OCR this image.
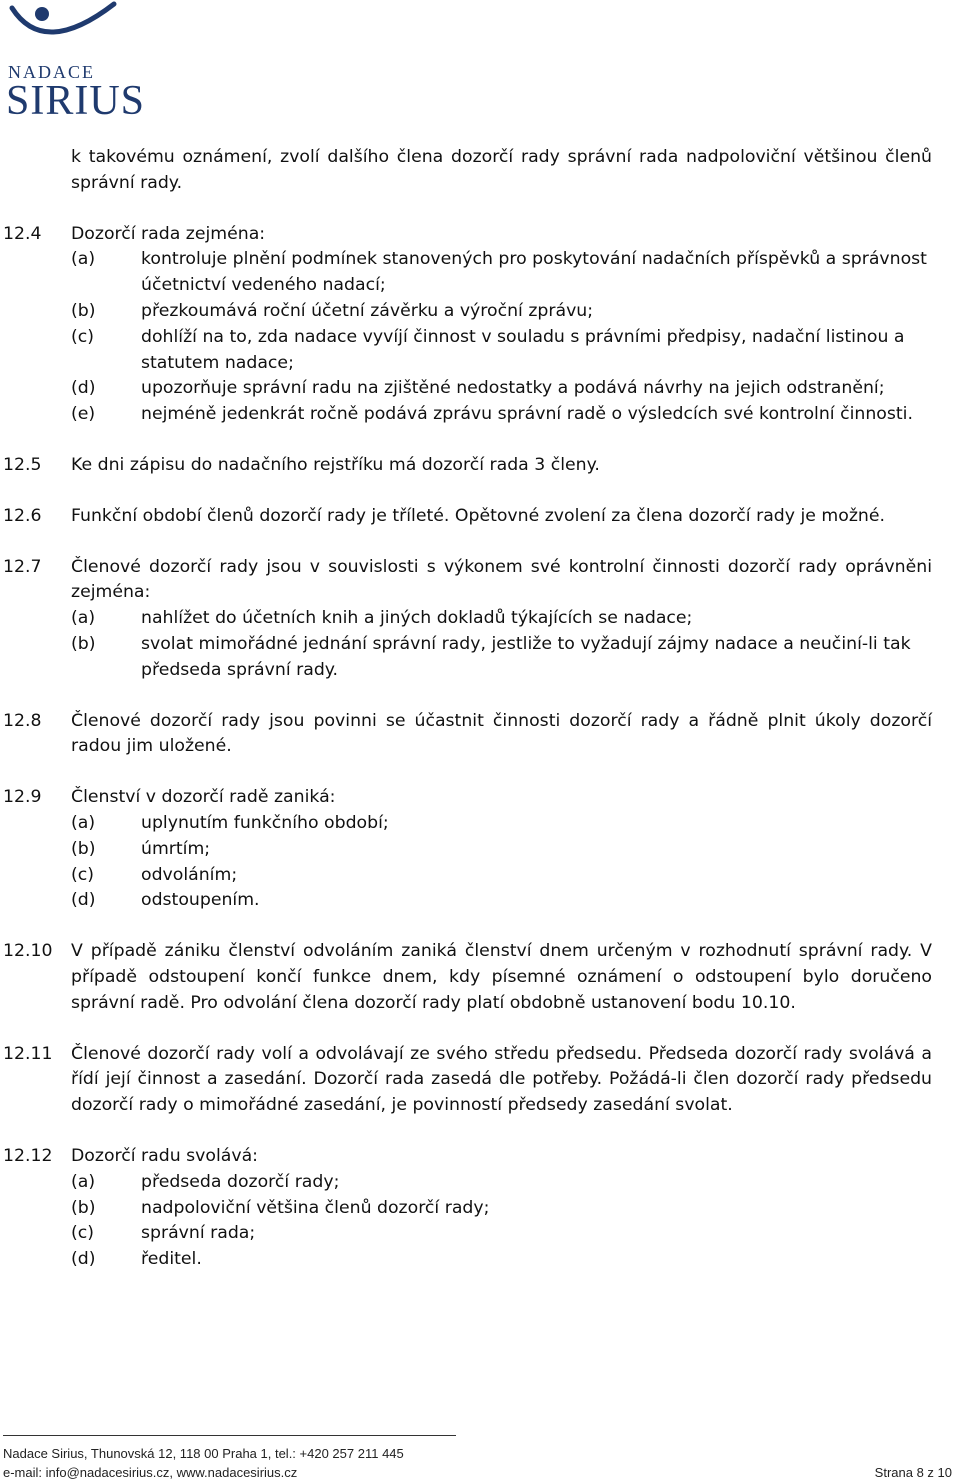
NADACE
SIRIUS
k takovému oznámení, zvolí dalšího člena dozorčí rady správní rada nadpoloviční většinou členů správní rady.
12.4 Dozorčí rada zejména:
(a)	kontroluje plnění podmínek stanovených pro poskytování nadačních příspěvků a správnost účetnictví vedeného nadací;
(b)	přezkoumává roční účetní závěrku a výroční zprávu;
(c)	dohlíží na to, zda nadace vyvíjí činnost v souladu s právními předpisy, nadační listinou a statutem nadace;
(d)	upozorňuje správní radu na zjištěné nedostatky a podává návrhy na jejich odstranění;
(e)	nejméně jedenkrát ročně podává zprávu správní radě o výsledcích své kontrolní činnosti.
12.5 Ke dni zápisu do nadačního rejstříku má dozorčí rada 3 členy.
12.6 Funkční období členů dozorčí rady je tříleté. Opětovné zvolení za člena dozorčí rady je možné.
12.7 Členové dozorčí rady jsou v souvislosti s výkonem své kontrolní činnosti dozorčí rady oprávněni zejména:
(a)	nahlížet do účetních knih a jiných dokladů týkajících se nadace;
(b)	svolat mimořádné jednání správní rady, jestliže to vyžadují zájmy nadace a neučiní-li tak předseda správní rady.
12.8 Členové dozorčí rady jsou povinni se účastnit činnosti dozorčí rady a řádně plnit úkoly dozorčí radou jim uložené.
12.9 Členství v dozorčí radě zaniká:
(a)	uplynutím funkčního období;
(b)	úmrtím;
(c)	odvoláním;
(d)	odstoupením.
12.10 V případě zániku členství odvoláním zaniká členství dnem určeným v rozhodnutí správní rady. V případě odstoupení končí funkce dnem, kdy písemné oznámení o odstoupení bylo doručeno správní radě. Pro odvolání člena dozorčí rady platí obdobně ustanovení bodu 10.10.
12.11 Členové dozorčí rady volí a odvolávají ze svého středu předsedu. Předseda dozorčí rady svolává a řídí její činnost a zasedání. Dozorčí rada zasedá dle potřeby. Požádá-li člen dozorčí rady předsedu dozorčí rady o mimořádné zasedání, je povinností předsedy zasedání svolat.
12.12 Dozorčí radu svolává:
(a)	předseda dozorčí rady;
(b)	nadpoloviční většina členů dozorčí rady;
(c)	správní rada;
(d)	ředitel.
Nadace Sirius, Thunovská 12, 118 00 Praha 1, tel.: +420 257 211 445
e-mail: info@nadacesirius.cz, www.nadacesirius.cz	Strana 8 z 10
